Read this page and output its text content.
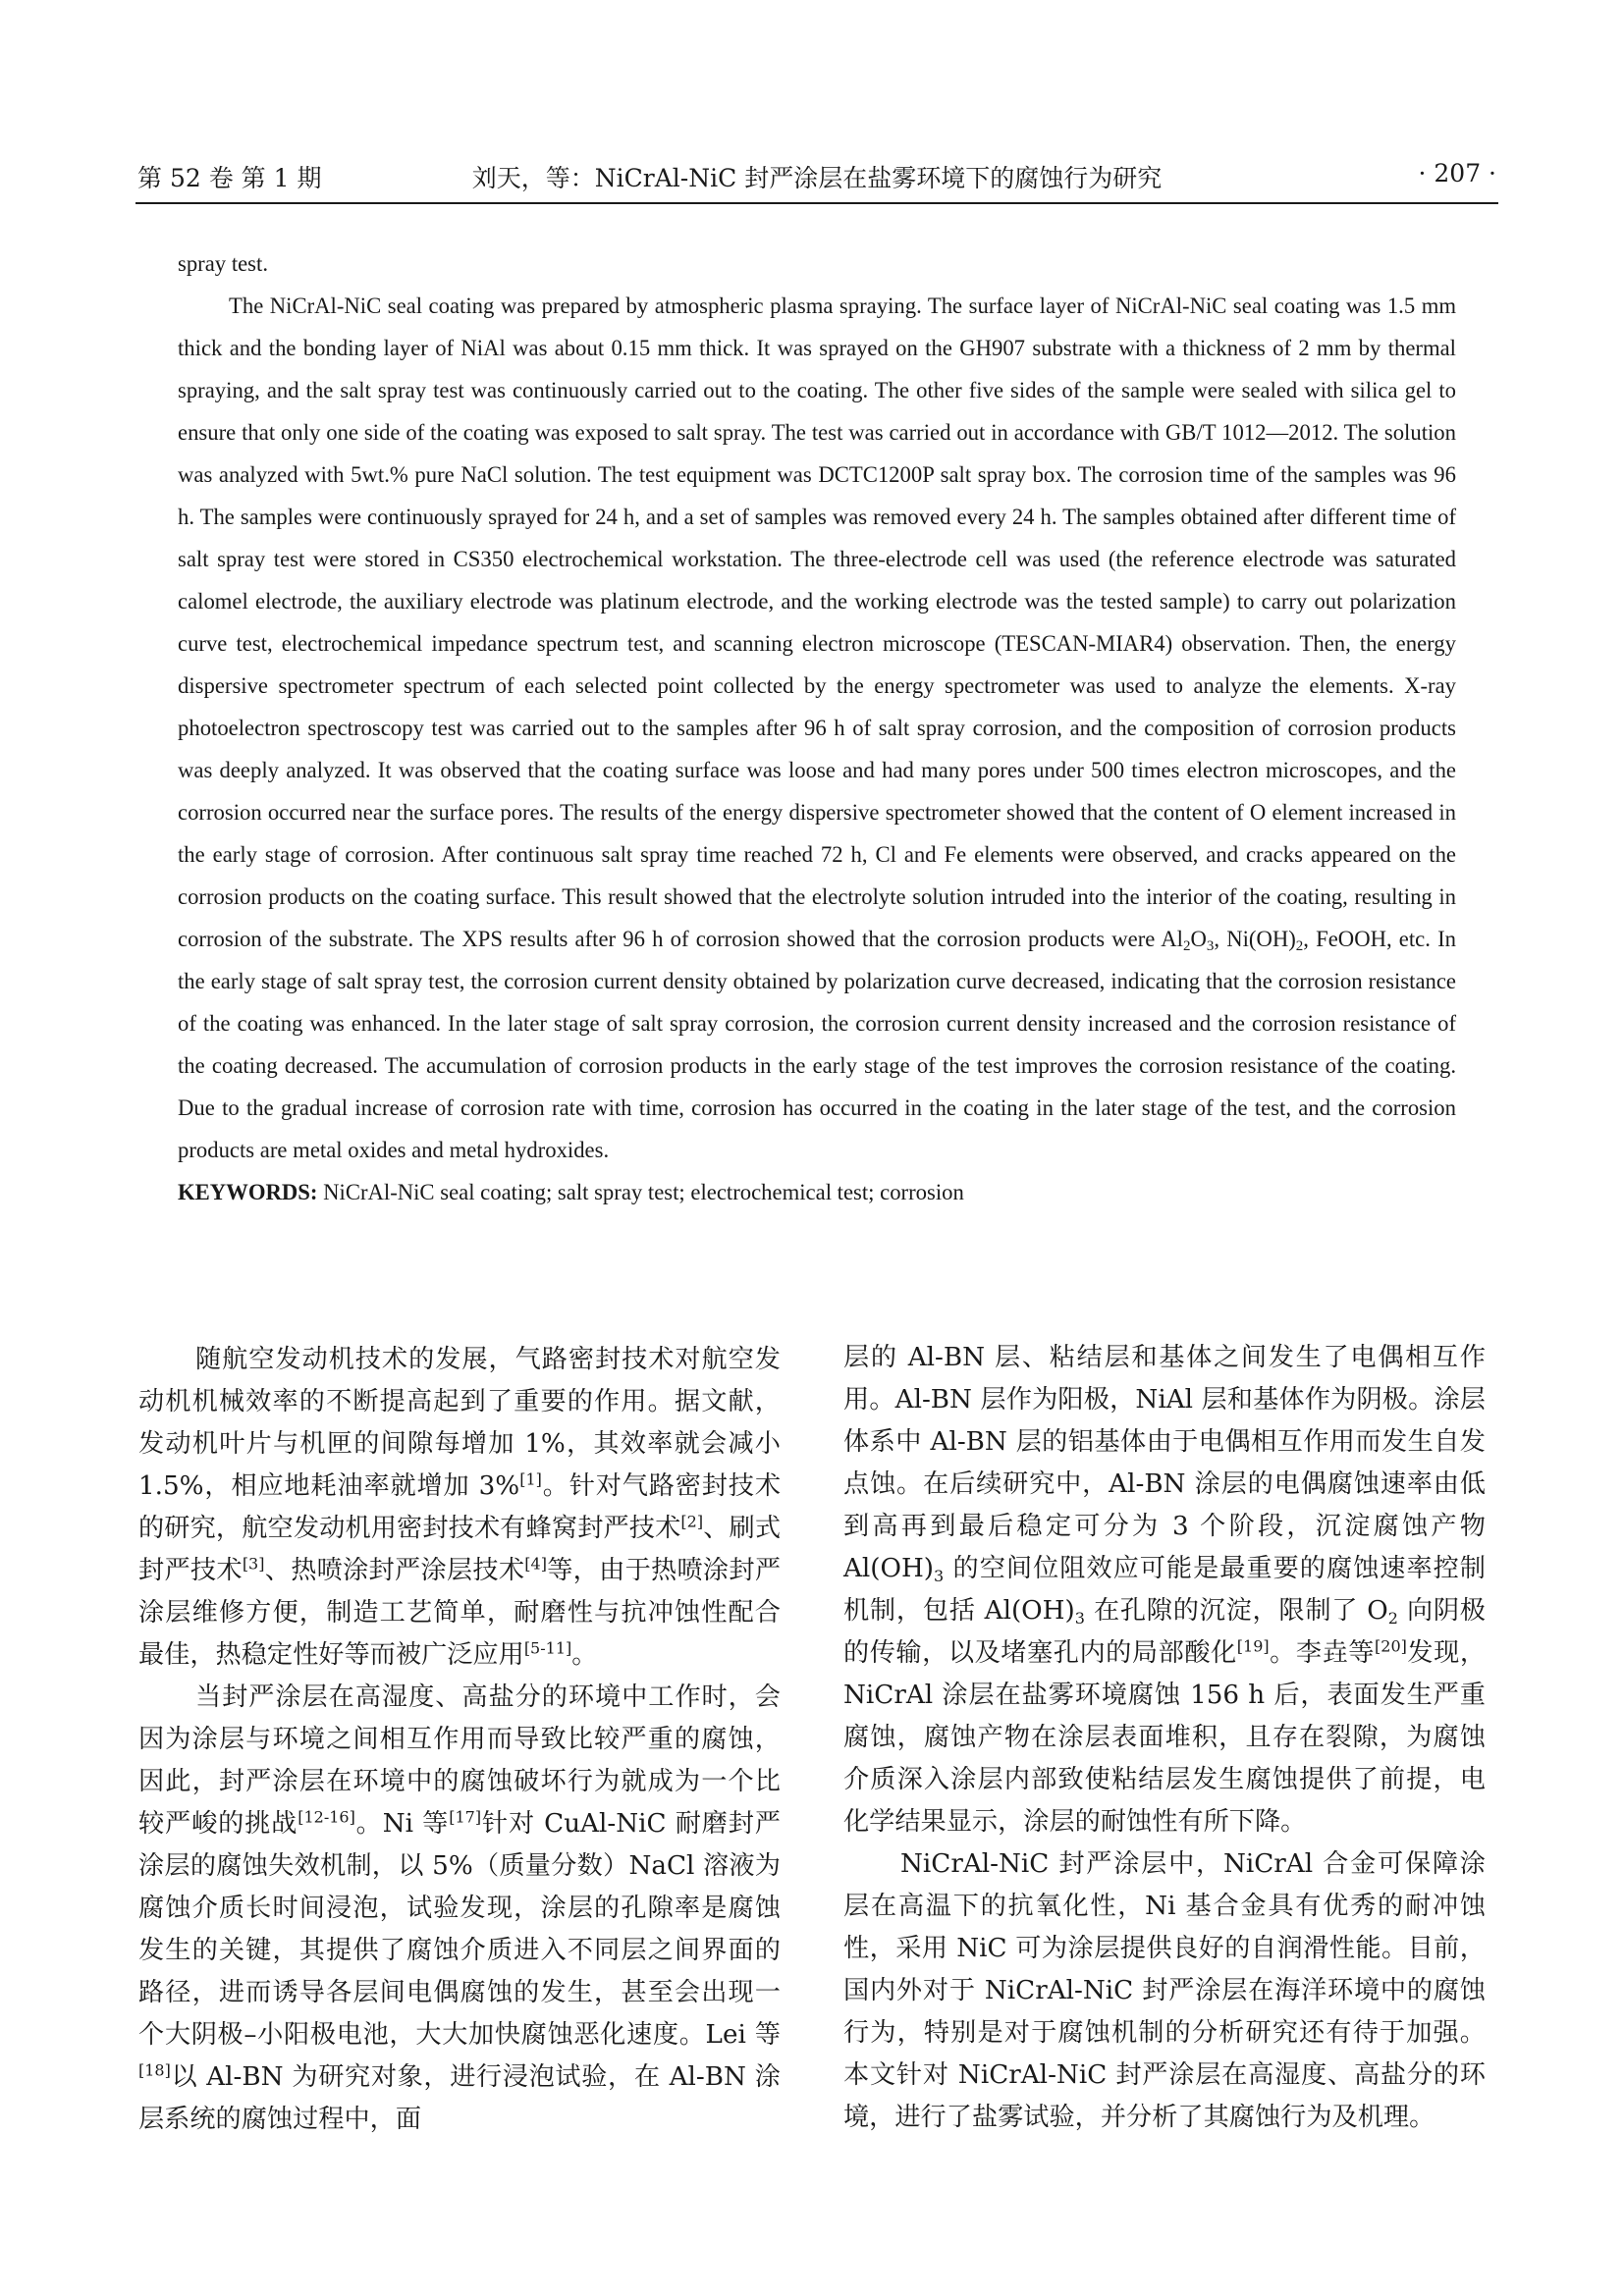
第 52 卷 第 1 期	刘天，等：NiCrAl-NiC 封严涂层在盐雾环境下的腐蚀行为研究	· 207 ·

spray test.

The NiCrAl-NiC seal coating was prepared by atmospheric plasma spraying. The surface layer of NiCrAl-NiC seal coating was 1.5 mm thick and the bonding layer of NiAl was about 0.15 mm thick. It was sprayed on the GH907 substrate with a thickness of 2 mm by thermal spraying, and the salt spray test was continuously carried out to the coating. The other five sides of the sample were sealed with silica gel to ensure that only one side of the coating was exposed to salt spray. The test was carried out in accordance with GB/T 1012—2012. The solution was analyzed with 5wt.% pure NaCl solution. The test equipment was DCTC1200P salt spray box. The corrosion time of the samples was 96 h. The samples were continuously sprayed for 24 h, and a set of samples was removed every 24 h. The samples obtained after different time of salt spray test were stored in CS350 electrochemical workstation. The three-electrode cell was used (the reference electrode was saturated calomel electrode, the auxiliary electrode was platinum electrode, and the working electrode was the tested sample) to carry out polarization curve test, electrochemical impedance spectrum test, and scanning electron microscope (TESCAN-MIAR4) observation. Then, the energy dispersive spectrometer spectrum of each selected point collected by the energy spectrometer was used to analyze the elements. X-ray photoelectron spectroscopy test was carried out to the samples after 96 h of salt spray corrosion, and the composition of corrosion products was deeply analyzed. It was observed that the coating surface was loose and had many pores under 500 times electron microscopes, and the corrosion occurred near the surface pores. The results of the energy dispersive spectrometer showed that the content of O element increased in the early stage of corrosion. After continuous salt spray time reached 72 h, Cl and Fe elements were observed, and cracks appeared on the corrosion products on the coating surface. This result showed that the electrolyte solution intruded into the interior of the coating, resulting in corrosion of the substrate. The XPS results after 96 h of corrosion showed that the corrosion products were $Al_2O_3$, $Ni(OH)_2$, FeOOH, etc. In the early stage of salt spray test, the corrosion current density obtained by polarization curve decreased, indicating that the corrosion resistance of the coating was enhanced. In the later stage of salt spray corrosion, the corrosion current density increased and the corrosion resistance of the coating decreased. The accumulation of corrosion products in the early stage of the test improves the corrosion resistance of the coating. Due to the gradual increase of corrosion rate with time, corrosion has occurred in the coating in the later stage of the test, and the corrosion products are metal oxides and metal hydroxides.

KEYWORDS: NiCrAl-NiC seal coating; salt spray test; electrochemical test; corrosion

随航空发动机技术的发展，气路密封技术对航空发动机机械效率的不断提高起到了重要的作用。据文献，发动机叶片与机匣的间隙每增加 1%，其效率就会减小 1.5%，相应地耗油率就增加 3%[1]。针对气路密封技术的研究，航空发动机用密封技术有蜂窝封严技术[2]、刷式封严技术[3]、热喷涂封严涂层技术[4]等，由于热喷涂封严涂层维修方便，制造工艺简单，耐磨性与抗冲蚀性配合最佳，热稳定性好等而被广泛应用[5-11]。

当封严涂层在高湿度、高盐分的环境中工作时，会因为涂层与环境之间相互作用而导致比较严重的腐蚀，因此，封严涂层在环境中的腐蚀破坏行为就成为一个比较严峻的挑战[12-16]。Ni 等[17]针对 CuAl-NiC 耐磨封严涂层的腐蚀失效机制，以 5%（质量分数）NaCl 溶液为腐蚀介质长时间浸泡，试验发现，涂层的孔隙率是腐蚀发生的关键，其提供了腐蚀介质进入不同层之间界面的路径，进而诱导各层间电偶腐蚀的发生，甚至会出现一个大阴极–小阳极电池，大大加快腐蚀恶化速度。Lei 等[18]以 Al-BN 为研究对象，进行浸泡试验，在 Al-BN 涂层系统的腐蚀过程中，面

层的 Al-BN 层、粘结层和基体之间发生了电偶相互作用。Al-BN 层作为阳极，NiAl 层和基体作为阴极。涂层体系中 Al-BN 层的铝基体由于电偶相互作用而发生自发点蚀。在后续研究中，Al-BN 涂层的电偶腐蚀速率由低到高再到最后稳定可分为 3 个阶段，沉淀腐蚀产物 $Al(OH)_3$ 的空间位阻效应可能是最重要的腐蚀速率控制机制，包括 $Al(OH)_3$ 在孔隙的沉淀，限制了 $O_2$ 向阴极的传输，以及堵塞孔内的局部酸化[19]。李垚等[20]发现，NiCrAl 涂层在盐雾环境腐蚀 156 h 后，表面发生严重腐蚀，腐蚀产物在涂层表面堆积，且存在裂隙，为腐蚀介质深入涂层内部致使粘结层发生腐蚀提供了前提，电化学结果显示，涂层的耐蚀性有所下降。

NiCrAl-NiC 封严涂层中，NiCrAl 合金可保障涂层在高温下的抗氧化性，Ni 基合金具有优秀的耐冲蚀性，采用 NiC 可为涂层提供良好的自润滑性能。目前，国内外对于 NiCrAl-NiC 封严涂层在海洋环境中的腐蚀行为，特别是对于腐蚀机制的分析研究还有待于加强。本文针对 NiCrAl-NiC 封严涂层在高湿度、高盐分的环境，进行了盐雾试验，并分析了其腐蚀行为及机理。
